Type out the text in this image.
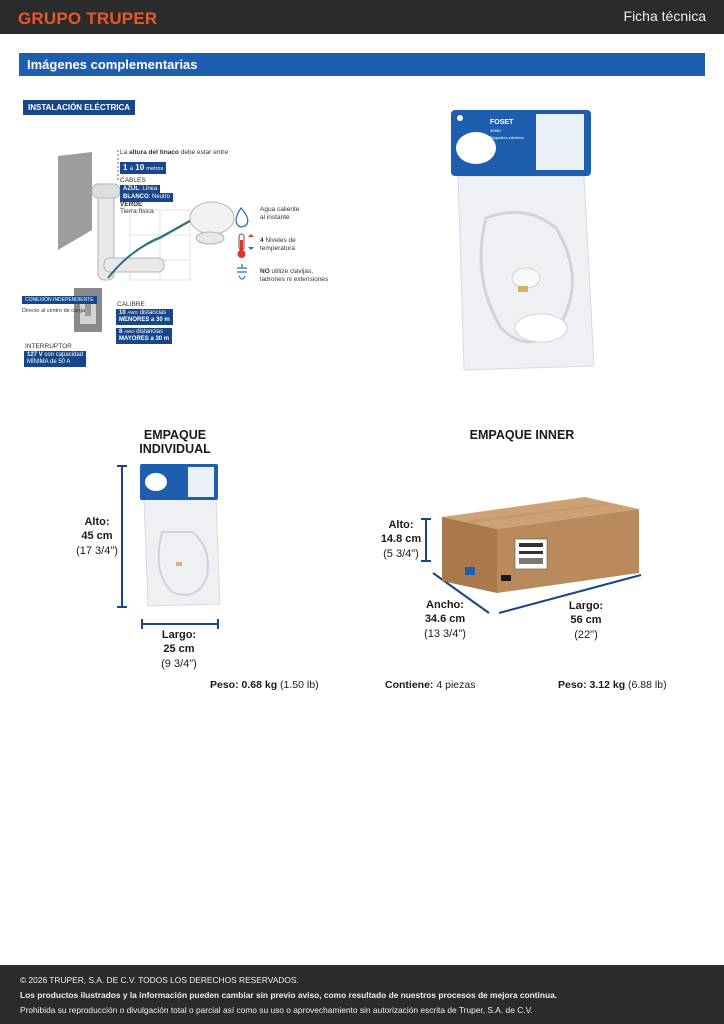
GRUPO TRUPER	Ficha técnica
Imágenes complementarias
INSTALACIÓN ELÉCTRICA
La altura del tinaco debe estar entre
1 a 10 metros
CABLES
AZUL: Línea
BLANCO: Neutro
VERDE
Tierra física	Agua caliente
al instante
4 Niveles de
temperatura
NO utilize clavijas,
ladrones ni extensiones
CONEXIÓN INDEPENDIENTE
Directo al centro de carga
CALIBRE
10 AWG distancias
MENORES a 30 m
8 AWG distancias
MAYORES a 30 m
INTERRUPTOR
127 V con capacidad
MÍNIMA de 50 A
FOSET
45881
Regadera eléctrica
EMPAQUE INDIVIDUAL
Alto:
45 cm
(17 3/4")
Largo:
25 cm
(9 3/4")
Peso: 0.68 kg (1.50 lb)
EMPAQUE INNER
Alto:
14.8 cm
(5 3/4")
Ancho:
34.6 cm
(13 3/4")
Largo:
56 cm
(22")
Contiene: 4 piezas	Peso: 3.12 kg (6.88 lb)

© 2026 TRUPER, S.A. DE C.V. TODOS LOS DERECHOS RESERVADOS.

Los productos ilustrados y la información pueden cambiar sin previo aviso, como resultado de nuestros procesos de mejora continua.

Prohibida su reproducción o divulgación total o parcial así como su uso o aprovechamiento sin autorización escrita de Truper, S.A. de C.V.
